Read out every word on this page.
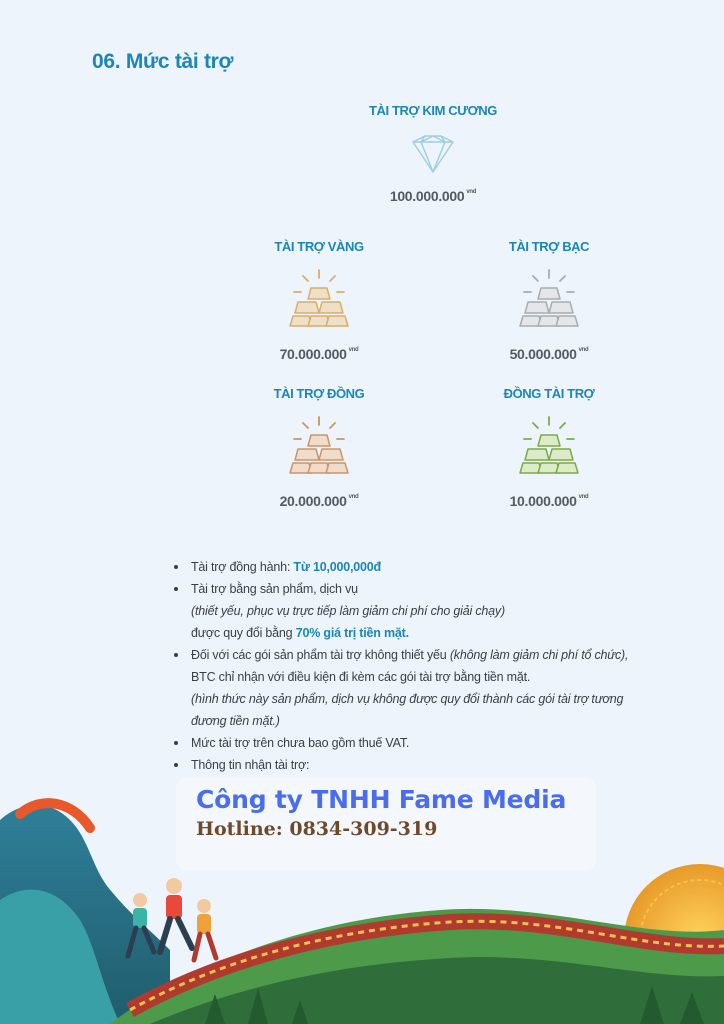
06. Mức tài trợ
TÀI TRỢ KIM CƯƠNG
100.000.000 $^{vnd}$
TÀI TRỢ VÀNG
70.000.000 $^{vnd}$
TÀI TRỢ BẠC
50.000.000 $^{vnd}$
TÀI TRỢ ĐỒNG
20.000.000 $^{vnd}$
ĐỒNG TÀI TRỢ
10.000.000 $^{vnd}$
Tài trợ đồng hành: Từ 10,000,000đ
Tài trợ bằng sản phẩm, dịch vụ
(thiết yếu, phục vụ trực tiếp làm giảm chi phí cho giải chạy)
được quy đổi bằng 70% giá trị tiền mặt.
Đối với các gói sản phẩm tài trợ không thiết yếu (không làm giảm chi phí tổ chức),
BTC chỉ nhận với điều kiện đi kèm các gói tài trợ bằng tiền mặt.
(hình thức này sản phẩm, dịch vụ không được quy đổi thành các gói tài trợ tương
đương tiền mặt.)
Mức tài trợ trên chưa bao gồm thuế VAT.
Thông tin nhận tài trợ:
Công ty TNHH Fame Media
Hotline: 0834-309-319
